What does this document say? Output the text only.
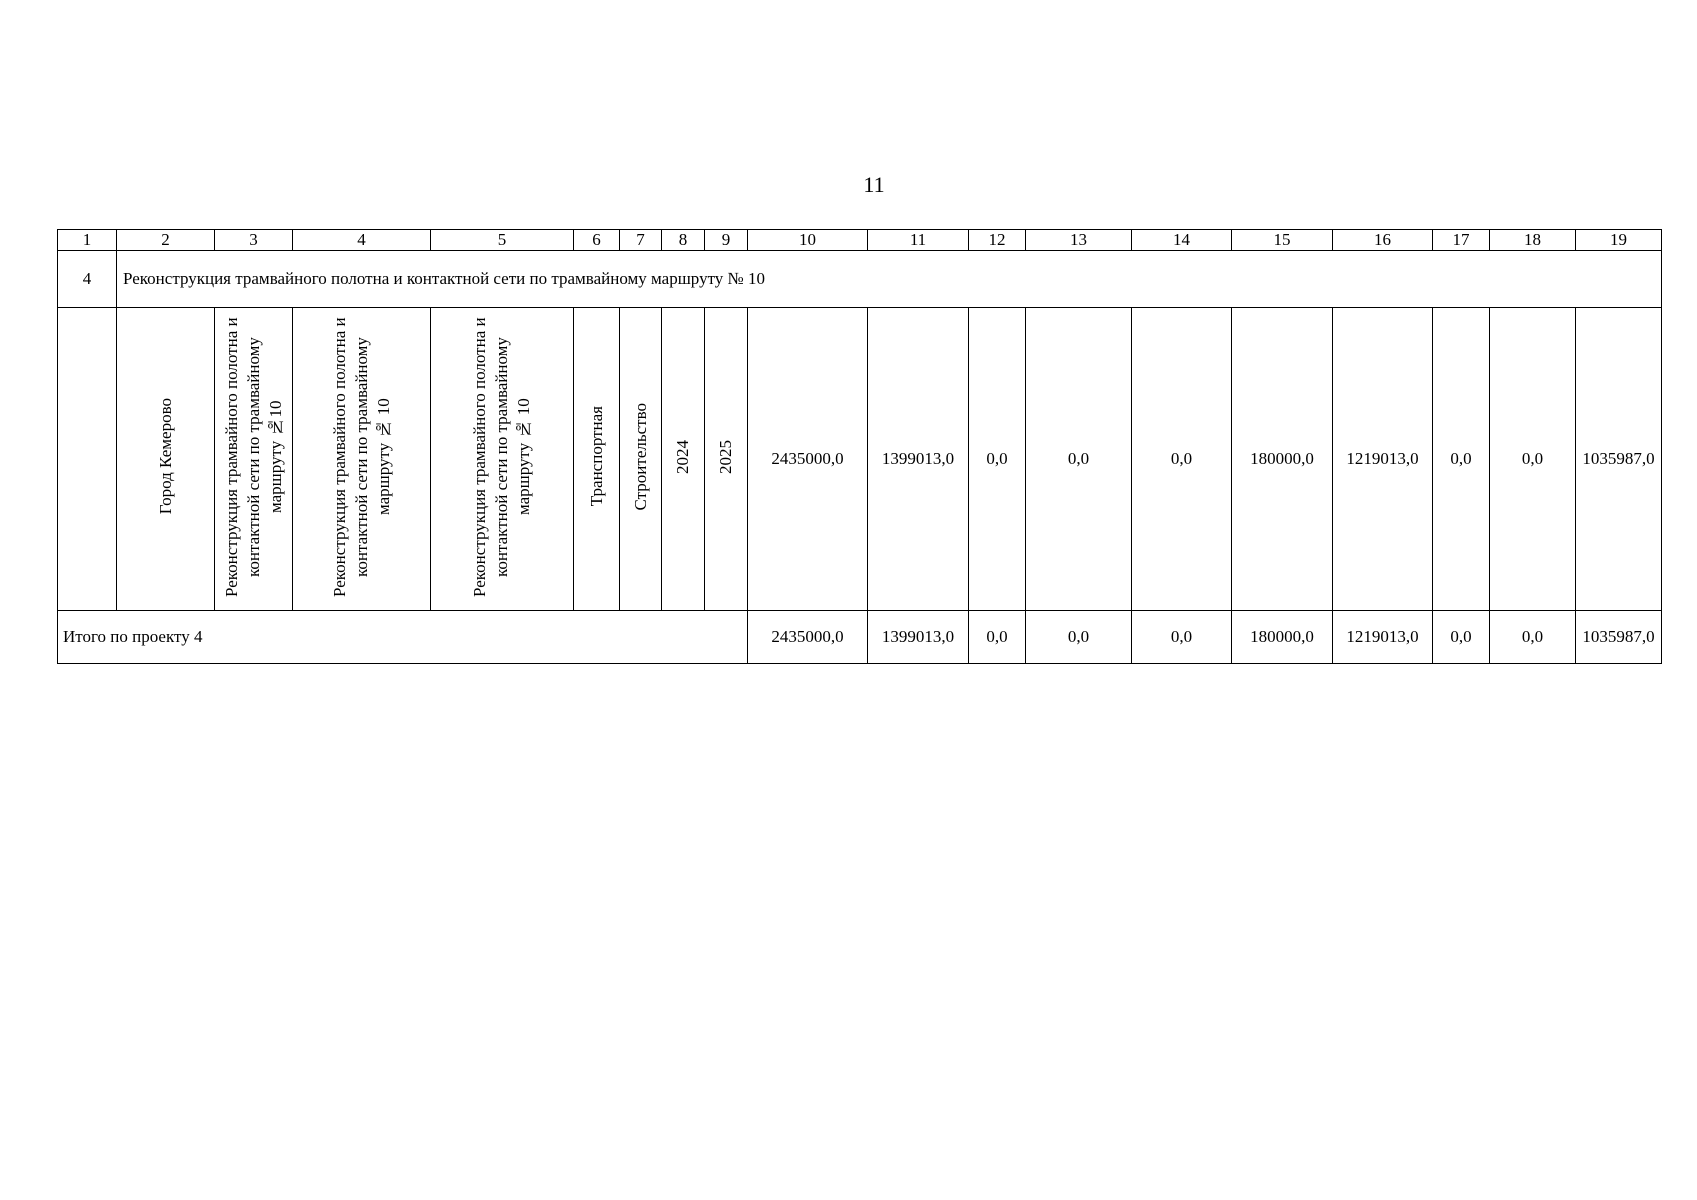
11
1	2	3	4	5	6	7	8	9	10	11	12	13	14	15	16	17	18	19
4	Реконструкция трамвайного полотна и контактной сети по трамвайному маршруту № 10																	
	Город Кемерово	Реконструкция трамвайного полотна и контактной сети по трамвайному маршруту №10	Реконструкция трамвайного полотна и контактной сети по трамвайному маршруту № 10	Реконструкция трамвайного полотна и контактной сети по трамвайному маршруту № 10	Транспортная	Строительство	2024	2025	2435000,0	1399013,0	0,0	0,0	0,0	180000,0	1219013,0	0,0	0,0	1035987,0
Итого по проекту 4									2435000,0	1399013,0	0,0	0,0	0,0	180000,0	1219013,0	0,0	0,0	1035987,0
